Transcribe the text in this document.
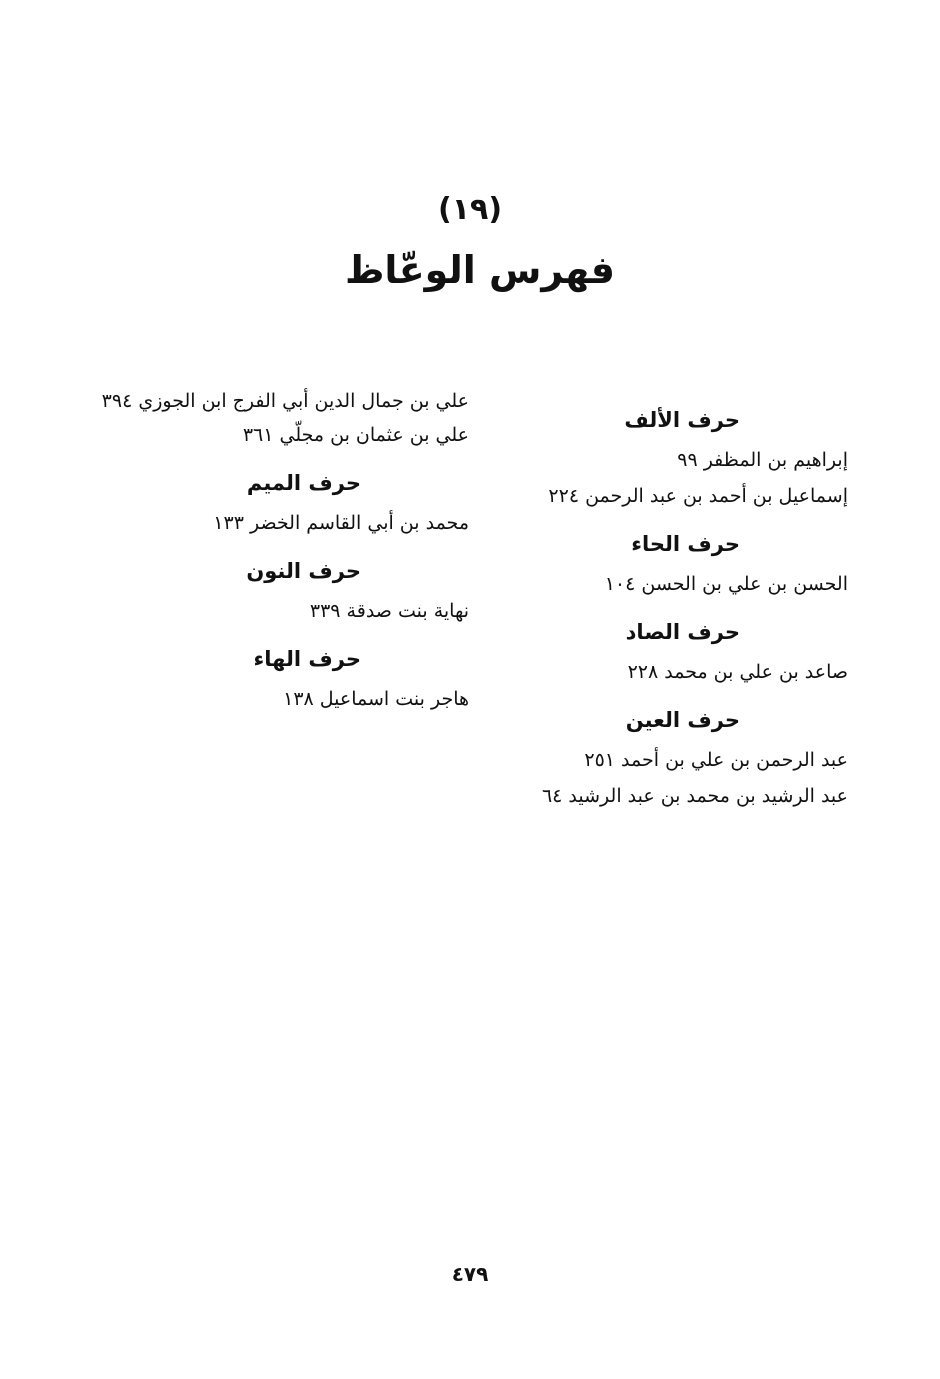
(١٩)
فهرس الوعّاظ
حرف الألف
إبراهيم بن المظفر ٩٩
إسماعيل بن أحمد بن عبد الرحمن ٢٢٤
حرف الحاء
الحسن بن علي بن الحسن ١٠٤
حرف الصاد
صاعد بن علي بن محمد ٢٢٨
حرف العين
عبد الرحمن بن علي بن أحمد ٢٥١
عبد الرشيد بن محمد بن عبد الرشيد ٦٤
علي بن جمال الدين أبي الفرج ابن الجوزي ٣٩٤
علي بن عثمان بن مجلّي ٣٦١
حرف الميم
محمد بن أبي القاسم الخضر ١٣٣
حرف النون
نهاية بنت صدقة ٣٣٩
حرف الهاء
هاجر بنت اسماعيل ١٣٨
٤٧٩
